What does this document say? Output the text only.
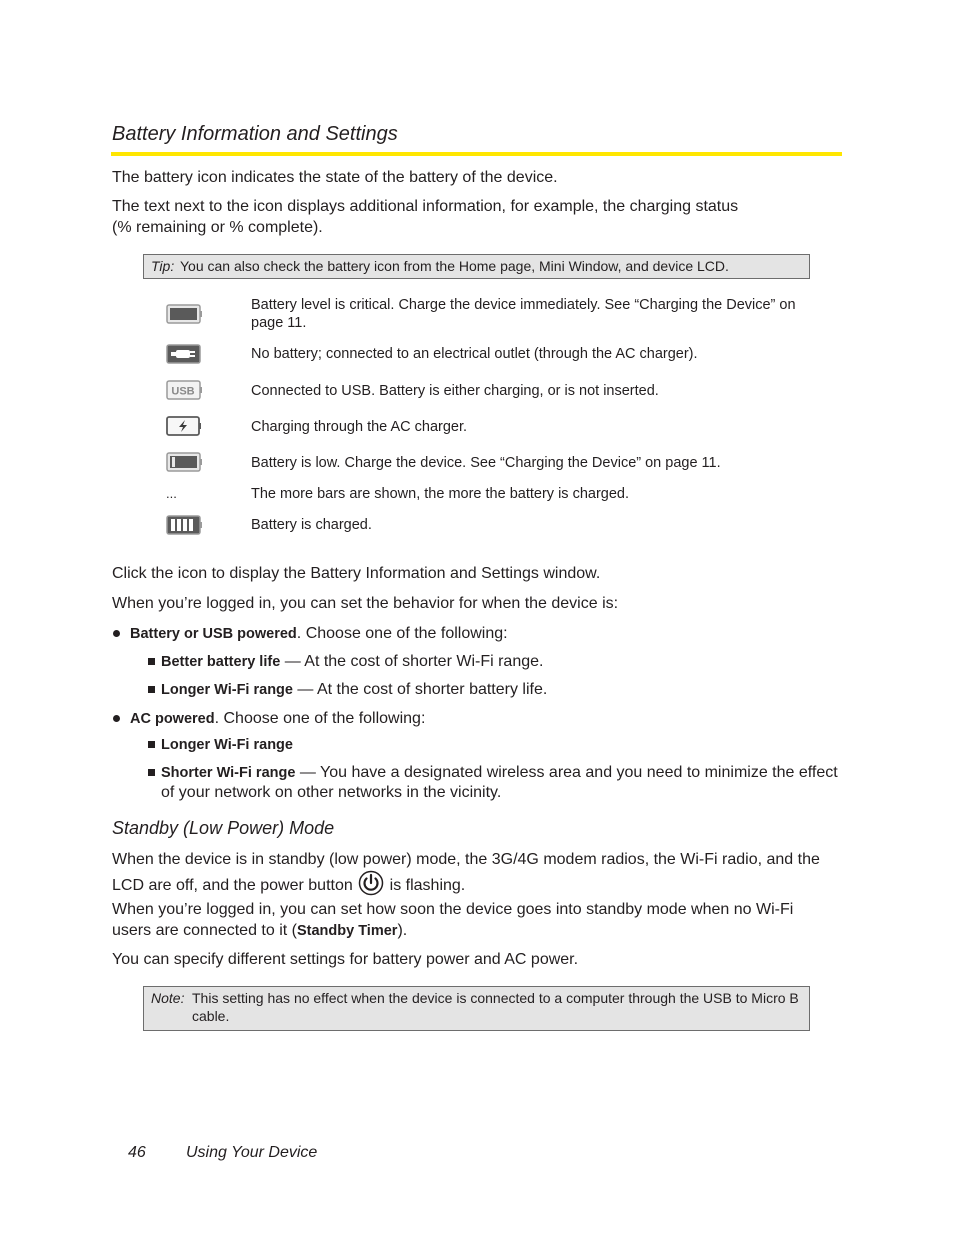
Battery Information and Settings
The battery icon indicates the state of the battery of the device.
The text next to the icon displays additional information, for example, the charging status
(% remaining or % complete).
Tip: You can also check the battery icon from the Home page, Mini Window, and device LCD.
Battery level is critical. Charge the device immediately. See “Charging the Device” on
page 11.
No battery; connected to an electrical outlet (through the AC charger).
USB	Connected to USB. Battery is either charging, or is not inserted.
Charging through the AC charger.
Battery is low. Charge the device. See “Charging the Device” on page 11.
...	The more bars are shown, the more the battery is charged.
Battery is charged.
Click the icon to display the Battery Information and Settings window.
When you’re logged in, you can set the behavior for when the device is:
Battery or USB powered. Choose one of the following:
Better battery life — At the cost of shorter Wi-Fi range.
Longer Wi-Fi range — At the cost of shorter battery life.
AC powered. Choose one of the following:
Longer Wi-Fi range
Shorter Wi-Fi range — You have a designated wireless area and you need to minimize the effect
of your network on other networks in the vicinity.
Standby (Low Power) Mode
When the device is in standby (low power) mode, the 3G/4G modem radios, the Wi-Fi radio, and the
LCD are off, and the power button is flashing.
When you’re logged in, you can set how soon the device goes into standby mode when no Wi-Fi
users are connected to it (Standby Timer).
You can specify different settings for battery power and AC power.
Note: This setting has no effect when the device is connected to a computer through the USB to Micro B
cable.
46	Using Your Device
